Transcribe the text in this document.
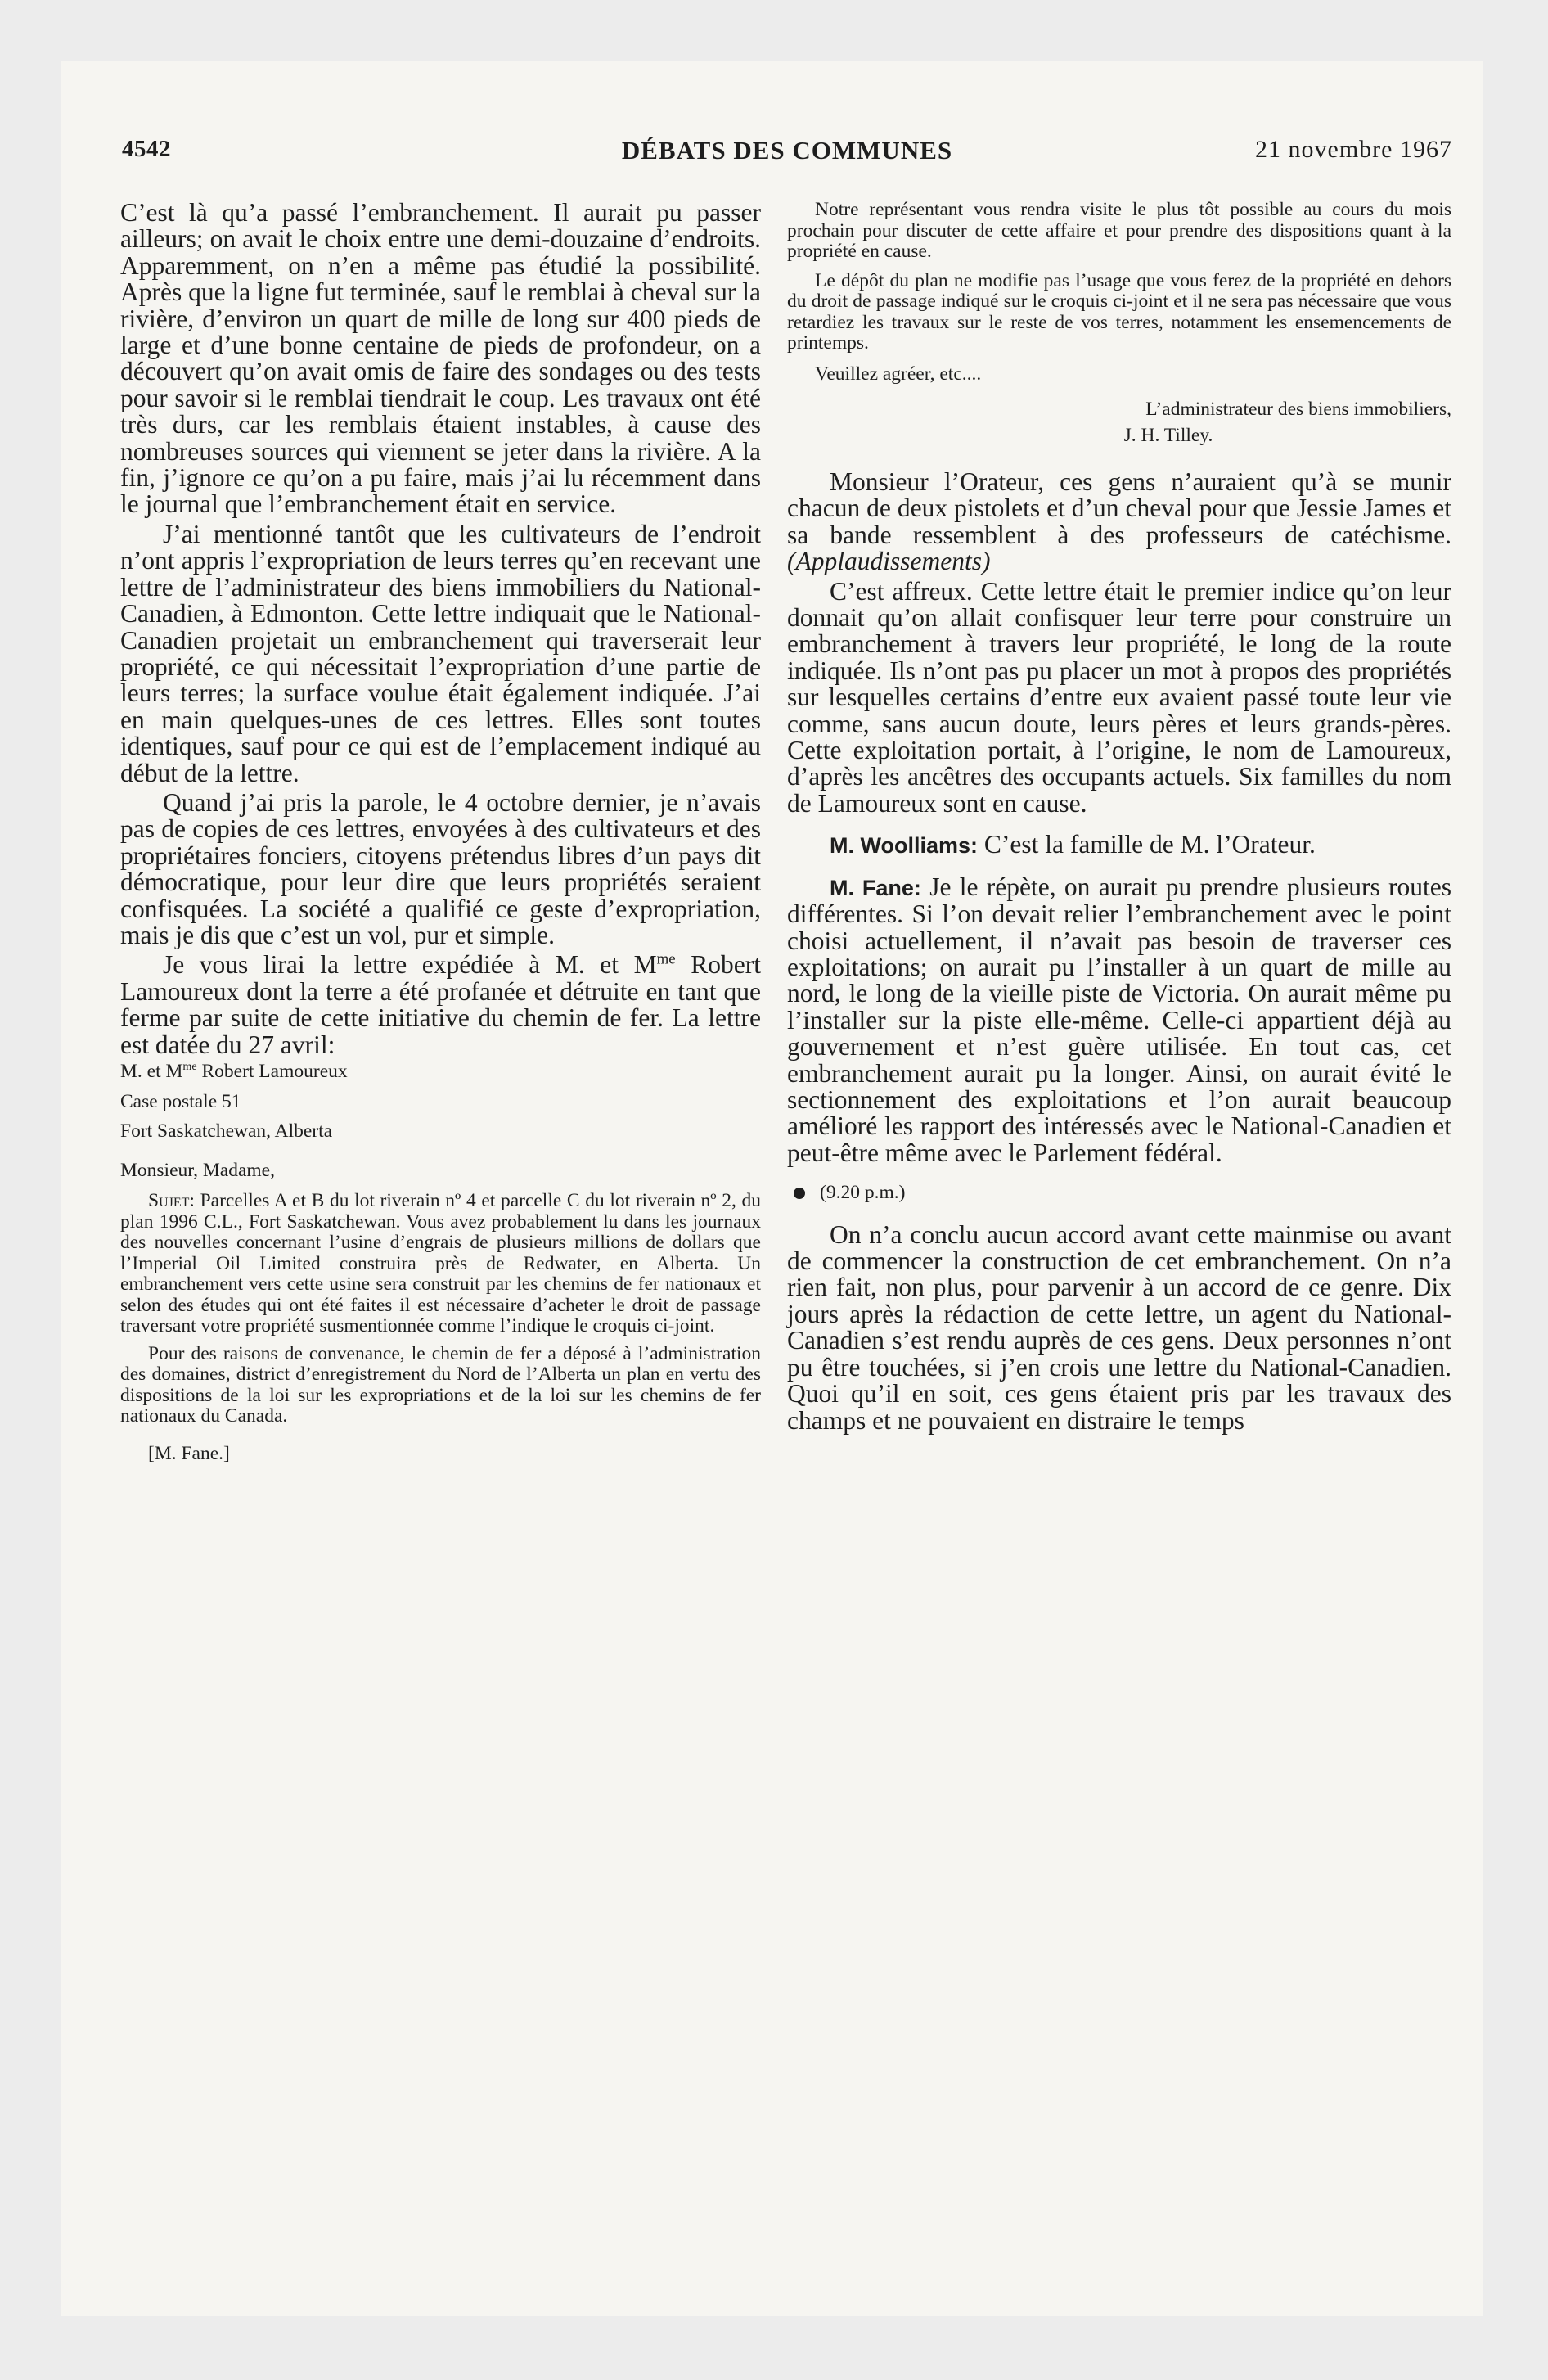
4542	DÉBATS DES COMMUNES	21 novembre 1967

C’est là qu’a passé l’embranchement. Il aurait pu passer ailleurs; on avait le choix entre une demi-douzaine d’endroits. Apparemment, on n’en a même pas étudié la possibilité. Après que la ligne fut terminée, sauf le remblai à cheval sur la rivière, d’environ un quart de mille de long sur 400 pieds de large et d’une bonne centaine de pieds de profondeur, on a découvert qu’on avait omis de faire des sondages ou des tests pour savoir si le remblai tiendrait le coup. Les travaux ont été très durs, car les remblais étaient instables, à cause des nombreuses sources qui viennent se jeter dans la rivière. A la fin, j’ignore ce qu’on a pu faire, mais j’ai lu récemment dans le journal que l’embranchement était en service.

J’ai mentionné tantôt que les cultivateurs de l’endroit n’ont appris l’expropriation de leurs terres qu’en recevant une lettre de l’administrateur des biens immobiliers du National-Canadien, à Edmonton. Cette lettre indiquait que le National-Canadien projetait un embranchement qui traverserait leur propriété, ce qui nécessitait l’expropriation d’une partie de leurs terres; la surface voulue était également indiquée. J’ai en main quelques-unes de ces lettres. Elles sont toutes identiques, sauf pour ce qui est de l’emplacement indiqué au début de la lettre.

Quand j’ai pris la parole, le 4 octobre dernier, je n’avais pas de copies de ces lettres, envoyées à des cultivateurs et des propriétaires fonciers, citoyens prétendus libres d’un pays dit démocratique, pour leur dire que leurs propriétés seraient confisquées. La société a qualifié ce geste d’expropriation, mais je dis que c’est un vol, pur et simple.

Je vous lirai la lettre expédiée à M. et $M^{me}$ Robert Lamoureux dont la terre a été profanée et détruite en tant que ferme par suite de cette initiative du chemin de fer. La lettre est datée du 27 avril:

M. et $M^{me}$ Robert Lamoureux

Case postale 51

Fort Saskatchewan, Alberta

Monsieur, Madame,

Sujet: Parcelles A et B du lot riverain nº 4 et parcelle C du lot riverain nº 2, du plan 1996 C.L., Fort Saskatchewan. Vous avez probablement lu dans les journaux des nouvelles concernant l’usine d’engrais de plusieurs millions de dollars que l’Imperial Oil Limited construira près de Redwater, en Alberta. Un embranchement vers cette usine sera construit par les chemins de fer nationaux et selon des études qui ont été faites il est nécessaire d’acheter le droit de passage traversant votre propriété susmentionnée comme l’indique le croquis ci-joint.

Pour des raisons de convenance, le chemin de fer a déposé à l’administration des domaines, district d’enregistrement du Nord de l’Alberta un plan en vertu des dispositions de la loi sur les expropriations et de la loi sur les chemins de fer nationaux du Canada.

[M. Fane.]

Notre représentant vous rendra visite le plus tôt possible au cours du mois prochain pour discuter de cette affaire et pour prendre des dispositions quant à la propriété en cause.

Le dépôt du plan ne modifie pas l’usage que vous ferez de la propriété en dehors du droit de passage indiqué sur le croquis ci-joint et il ne sera pas nécessaire que vous retardiez les travaux sur le reste de vos terres, notamment les ensemencements de printemps.

Veuillez agréer, etc....

L’administrateur des biens immobiliers,

J. H. Tilley.

Monsieur l’Orateur, ces gens n’auraient qu’à se munir chacun de deux pistolets et d’un cheval pour que Jessie James et sa bande ressemblent à des professeurs de catéchisme. (Applaudissements)

C’est affreux. Cette lettre était le premier indice qu’on leur donnait qu’on allait confisquer leur terre pour construire un embranchement à travers leur propriété, le long de la route indiquée. Ils n’ont pas pu placer un mot à propos des propriétés sur lesquelles certains d’entre eux avaient passé toute leur vie comme, sans aucun doute, leurs pères et leurs grands-pères. Cette exploitation portait, à l’origine, le nom de Lamoureux, d’après les ancêtres des occupants actuels. Six familles du nom de Lamoureux sont en cause.

M. Woolliams: C’est la famille de M. l’Orateur.

M. Fane: Je le répète, on aurait pu prendre plusieurs routes différentes. Si l’on devait relier l’embranchement avec le point choisi actuellement, il n’avait pas besoin de traverser ces exploitations; on aurait pu l’installer à un quart de mille au nord, le long de la vieille piste de Victoria. On aurait même pu l’installer sur la piste elle-même. Celle-ci appartient déjà au gouvernement et n’est guère utilisée. En tout cas, cet embranchement aurait pu la longer. Ainsi, on aurait évité le sectionnement des exploitations et l’on aurait beaucoup amélioré les rapport des intéressés avec le National-Canadien et peut-être même avec le Parlement fédéral.

(9.20 p.m.)

On n’a conclu aucun accord avant cette mainmise ou avant de commencer la construction de cet embranchement. On n’a rien fait, non plus, pour parvenir à un accord de ce genre. Dix jours après la rédaction de cette lettre, un agent du National-Canadien s’est rendu auprès de ces gens. Deux personnes n’ont pu être touchées, si j’en crois une lettre du National-Canadien. Quoi qu’il en soit, ces gens étaient pris par les travaux des champs et ne pouvaient en distraire le temps
